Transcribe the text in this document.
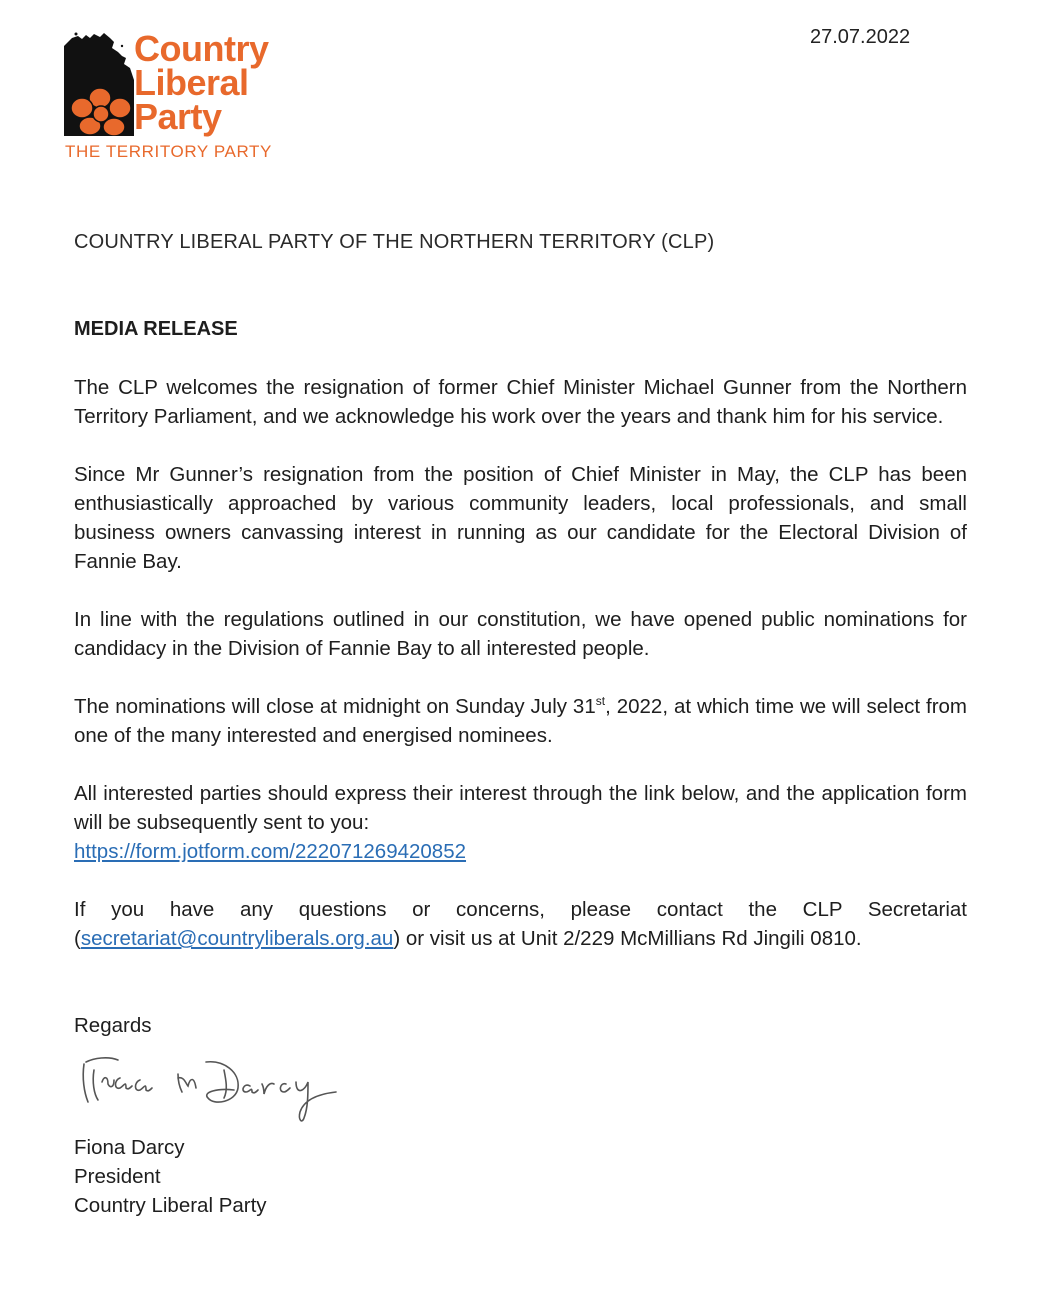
Country
Liberal
Party
THE TERRITORY PARTY
27.07.2022

COUNTRY LIBERAL PARTY OF THE NORTHERN TERRITORY (CLP)

MEDIA RELEASE

The CLP welcomes the resignation of former Chief Minister Michael Gunner from the Northern Territory Parliament, and we acknowledge his work over the years and thank him for his service.

Since Mr Gunner’s resignation from the position of Chief Minister in May, the CLP has been enthusiastically approached by various community leaders, local professionals, and small business owners canvassing interest in running as our candidate for the Electoral Division of Fannie Bay.

In line with the regulations outlined in our constitution, we have opened public nominations for candidacy in the Division of Fannie Bay to all interested people.

The nominations will close at midnight on Sunday July 31st, 2022, at which time we will select from one of the many interested and energised nominees.

All interested parties should express their interest through the link below, and the application form will be subsequently sent to you:
https://form.jotform.com/222071269420852

If you have any questions or concerns, please contact the CLP Secretariat (secretariat@countryliberals.org.au) or visit us at Unit 2/229 McMillians Rd Jingili 0810.

Regards
Fiona Darcy
President
Country Liberal Party
